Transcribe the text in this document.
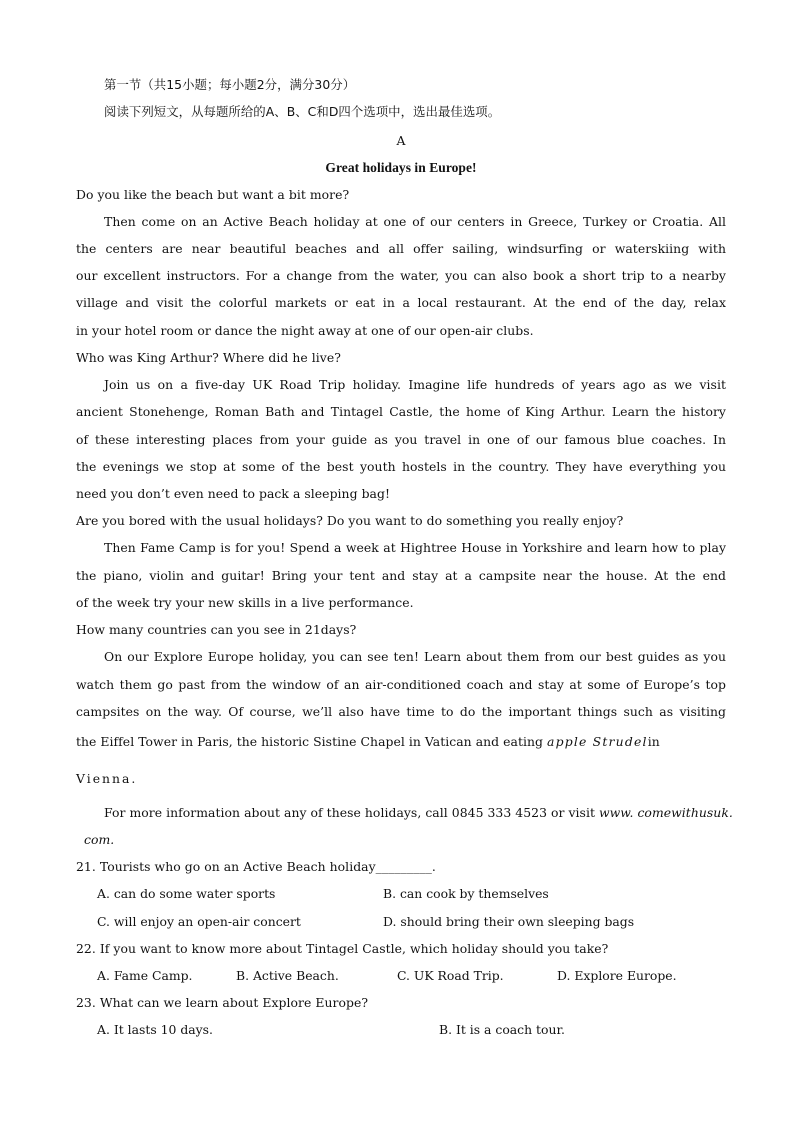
第一节（共15小题；每小题2分，满分30分）
阅读下列短文，从每题所给的A、B、C和D四个选项中，选出最佳选项。
A
Great holidays in Europe!
Do you like the beach but want a bit more?
Then come on an Active Beach holiday at one of our centers in Greece, Turkey or Croatia. All
the centers are near beautiful beaches and all offer sailing, windsurfing or waterskiing with
our excellent instructors. For a change from the water, you can also book a short trip to a nearby
village and visit the colorful markets or eat in a local restaurant. At the end of the day, relax
in your hotel room or dance the night away at one of our open-air clubs.
Who was King Arthur? Where did he live?
Join us on a five-day UK Road Trip holiday. Imagine life hundreds of years ago as we visit
ancient Stonehenge, Roman Bath and Tintagel Castle, the home of King Arthur. Learn the history
of these interesting places from your guide as you travel in one of our famous blue coaches. In
the evenings we stop at some of the best youth hostels in the country. They have everything you
need you don’t even need to pack a sleeping bag!
Are you bored with the usual holidays? Do you want to do something you really enjoy?
Then Fame Camp is for you! Spend a week at Hightree House in Yorkshire and learn how to play
the piano, violin and guitar! Bring your tent and stay at a campsite near the house. At the end
of the week try your new skills in a live performance.
How many countries can you see in 21days?
On our Explore Europe holiday, you can see ten! Learn about them from our best guides as you
watch them go past from the window of an air-conditioned coach and stay at some of Europe’s top
campsites on the way. Of course, we’ll also have time to do the important things such as visiting
the Eiffel Tower in Paris, the historic Sistine Chapel in Vatican and eating apple Strudelin
Vienna.
For more information about any of these holidays, call 0845 333 4523 or visit www. comewithusuk.
com.
21. Tourists who go on an Active Beach holiday_________.
A. can do some water sports	B. can cook by themselves
C. will enjoy an open-air concert	D. should bring their own sleeping bags
22. If you want to know more about Tintagel Castle, which holiday should you take?
A. Fame Camp.	B. Active Beach.	C. UK Road Trip.	D. Explore Europe.
23. What can we learn about Explore Europe?
A. It lasts 10 days.	B. It is a coach tour.
